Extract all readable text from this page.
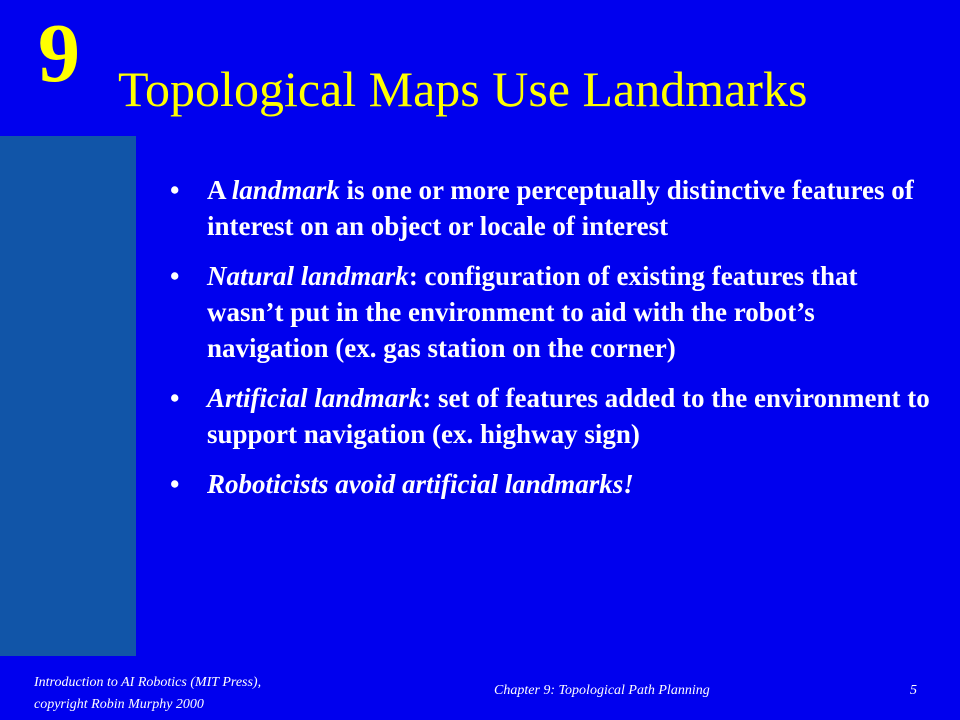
9 Topological Maps Use Landmarks
• A landmark is one or more perceptually distinctive features of interest on an object or locale of interest
• Natural landmark: configuration of existing features that wasn’t put in the environment to aid with the robot’s navigation (ex. gas station on the corner)
• Artificial landmark: set of features added to the environment to support navigation (ex. highway sign)
• Roboticists avoid artificial landmarks!
Introduction to AI Robotics (MIT Press),
copyright Robin Murphy 2000
Chapter 9: Topological Path Planning	5
